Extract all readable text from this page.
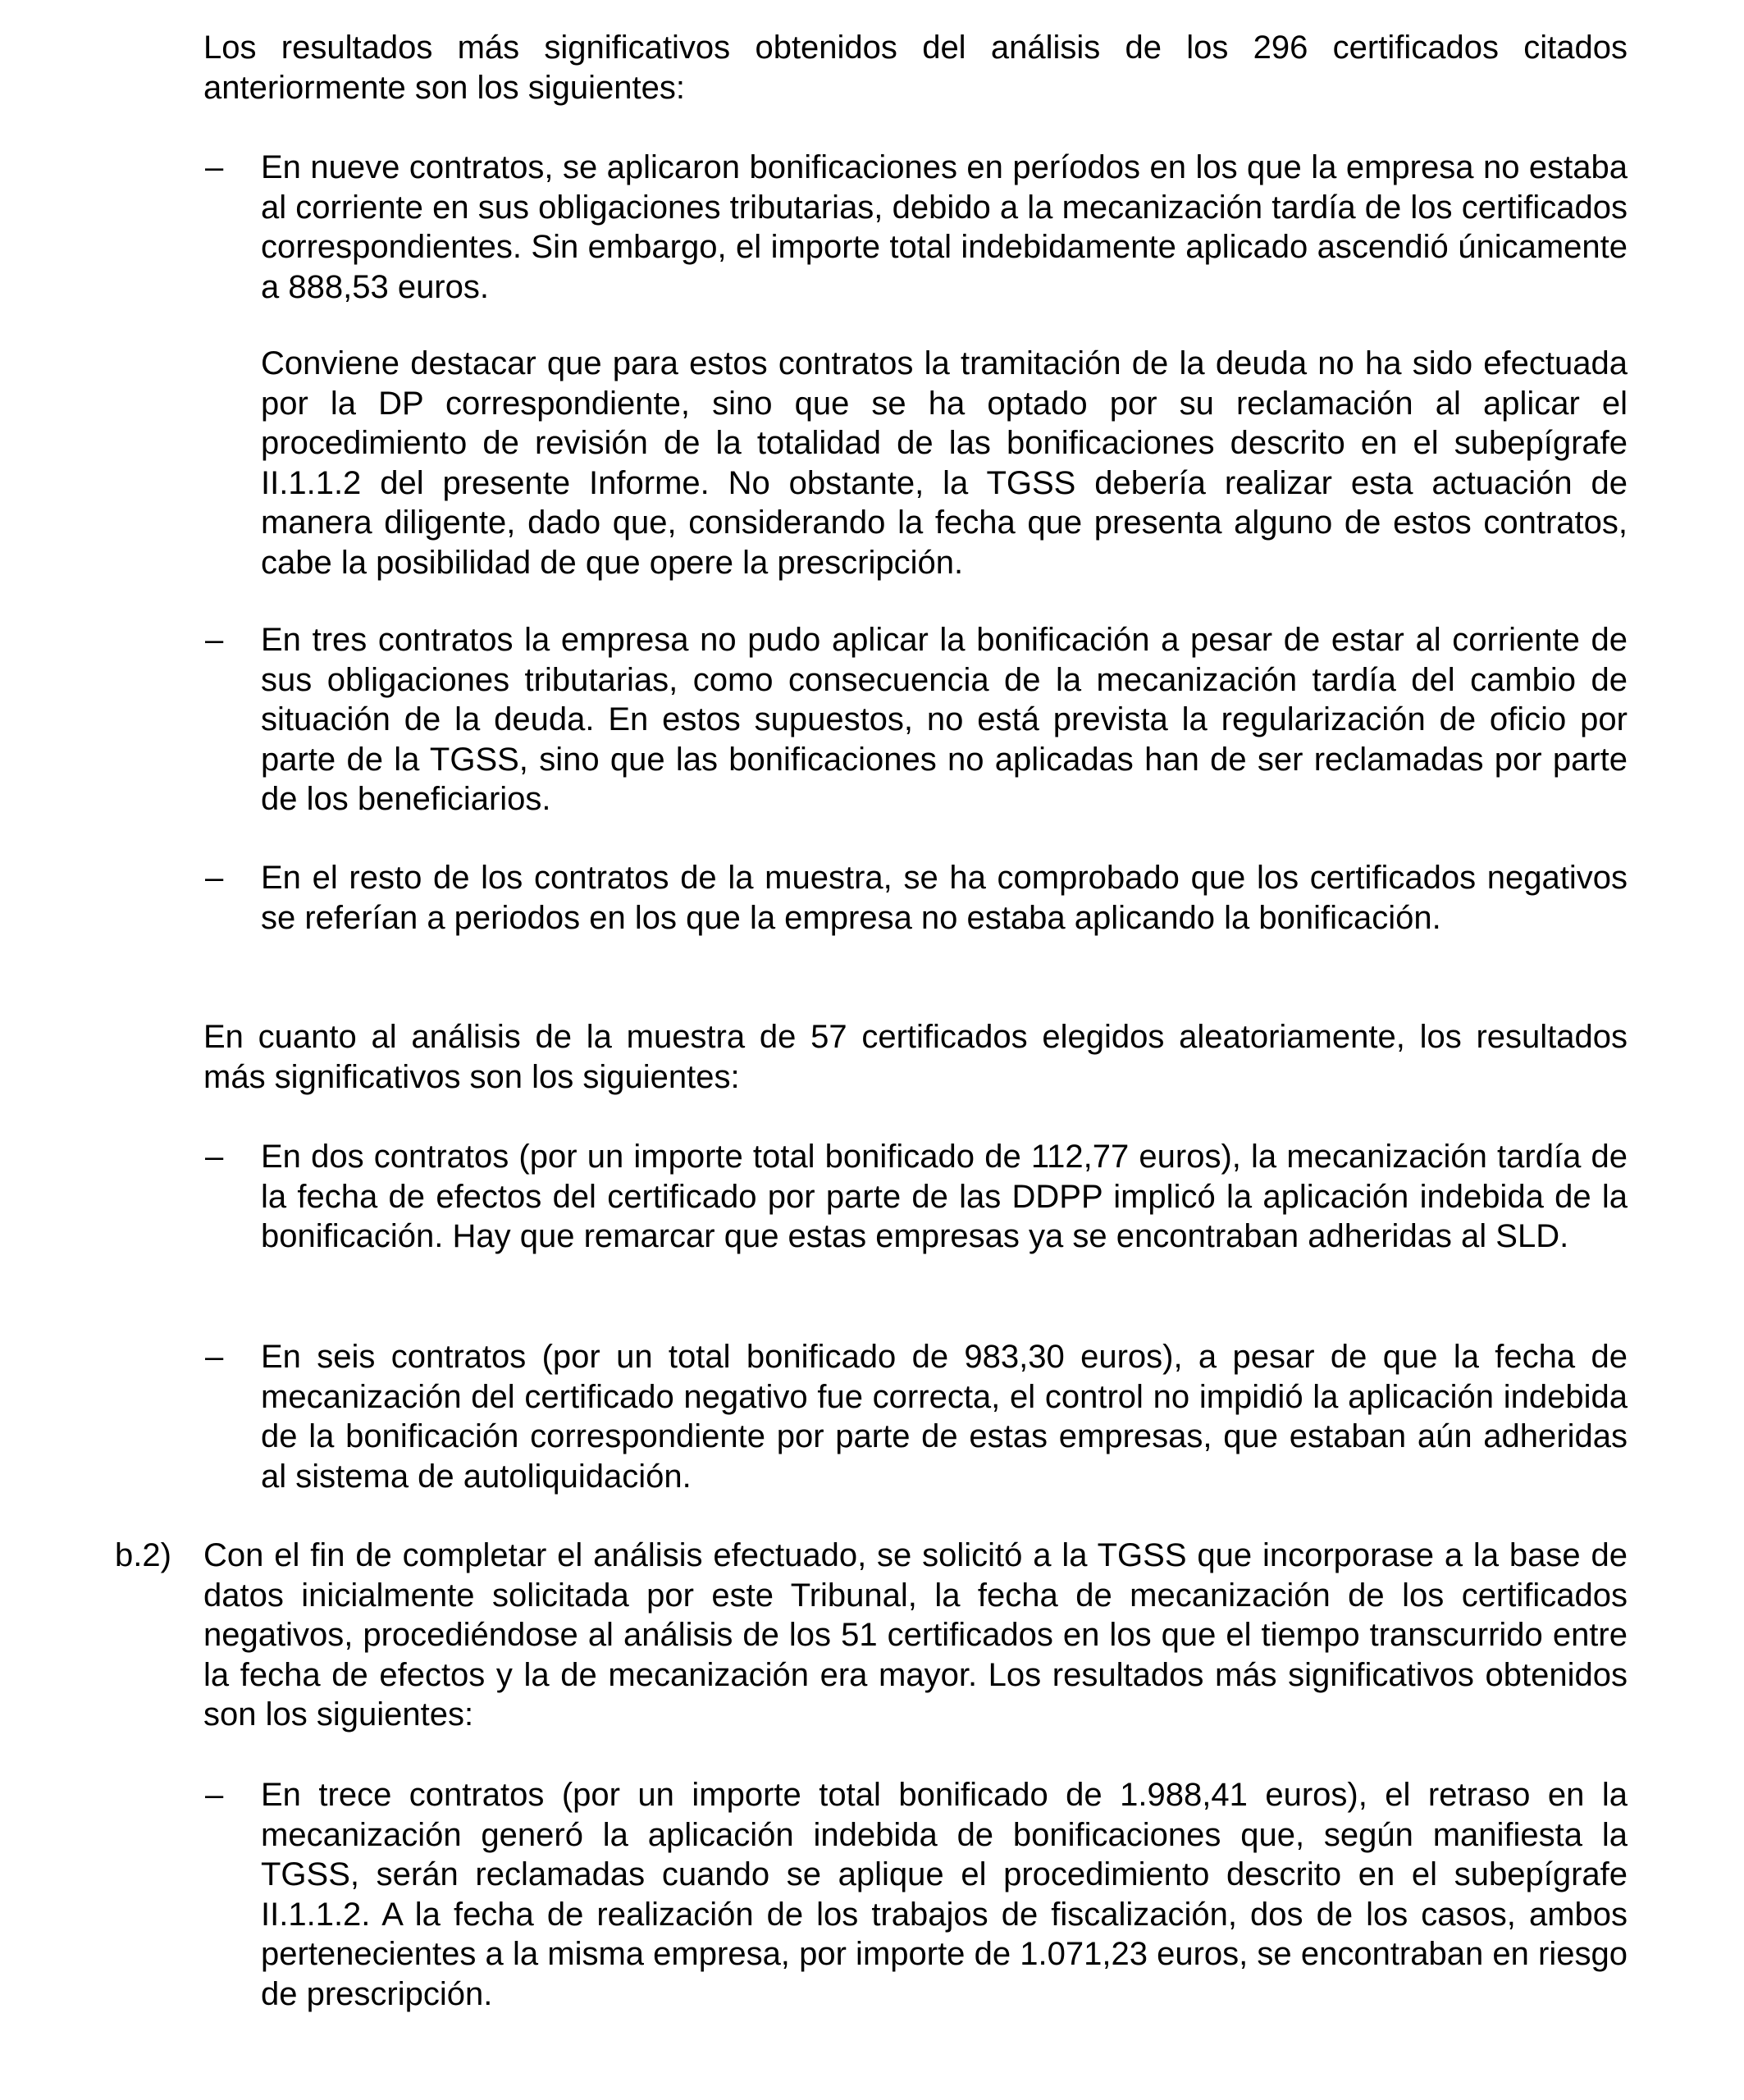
Los resultados más significativos obtenidos del análisis de los 296 certificados citados anteriormente son los siguientes:

– En nueve contratos, se aplicaron bonificaciones en períodos en los que la empresa no estaba al corriente en sus obligaciones tributarias, debido a la mecanización tardía de los certificados correspondientes. Sin embargo, el importe total indebidamente aplicado ascendió únicamente a 888,53 euros.

Conviene destacar que para estos contratos la tramitación de la deuda no ha sido efectuada por la DP correspondiente, sino que se ha optado por su reclamación al aplicar el procedimiento de revisión de la totalidad de las bonificaciones descrito en el subepígrafe II.1.1.2 del presente Informe. No obstante, la TGSS debería realizar esta actuación de manera diligente, dado que, considerando la fecha que presenta alguno de estos contratos, cabe la posibilidad de que opere la prescripción.

– En tres contratos la empresa no pudo aplicar la bonificación a pesar de estar al corriente de sus obligaciones tributarias, como consecuencia de la mecanización tardía del cambio de situación de la deuda. En estos supuestos, no está prevista la regularización de oficio por parte de la TGSS, sino que las bonificaciones no aplicadas han de ser reclamadas por parte de los beneficiarios.

– En el resto de los contratos de la muestra, se ha comprobado que los certificados negativos se referían a periodos en los que la empresa no estaba aplicando la bonificación.

En cuanto al análisis de la muestra de 57 certificados elegidos aleatoriamente, los resultados más significativos son los siguientes:

– En dos contratos (por un importe total bonificado de 112,77 euros), la mecanización tardía de la fecha de efectos del certificado por parte de las DDPP implicó la aplicación indebida de la bonificación. Hay que remarcar que estas empresas ya se encontraban adheridas al SLD.

– En seis contratos (por un total bonificado de 983,30 euros), a pesar de que la fecha de mecanización del certificado negativo fue correcta, el control no impidió la aplicación indebida de la bonificación correspondiente por parte de estas empresas, que estaban aún adheridas al sistema de autoliquidación.

b.2) Con el fin de completar el análisis efectuado, se solicitó a la TGSS que incorporase a la base de datos inicialmente solicitada por este Tribunal, la fecha de mecanización de los certificados negativos, procediéndose al análisis de los 51 certificados en los que el tiempo transcurrido entre la fecha de efectos y la de mecanización era mayor. Los resultados más significativos obtenidos son los siguientes:

– En trece contratos (por un importe total bonificado de 1.988,41 euros), el retraso en la mecanización generó la aplicación indebida de bonificaciones que, según manifiesta la TGSS, serán reclamadas cuando se aplique el procedimiento descrito en el subepígrafe II.1.1.2. A la fecha de realización de los trabajos de fiscalización, dos de los casos, ambos pertenecientes a la misma empresa, por importe de 1.071,23 euros, se encontraban en riesgo de prescripción.
